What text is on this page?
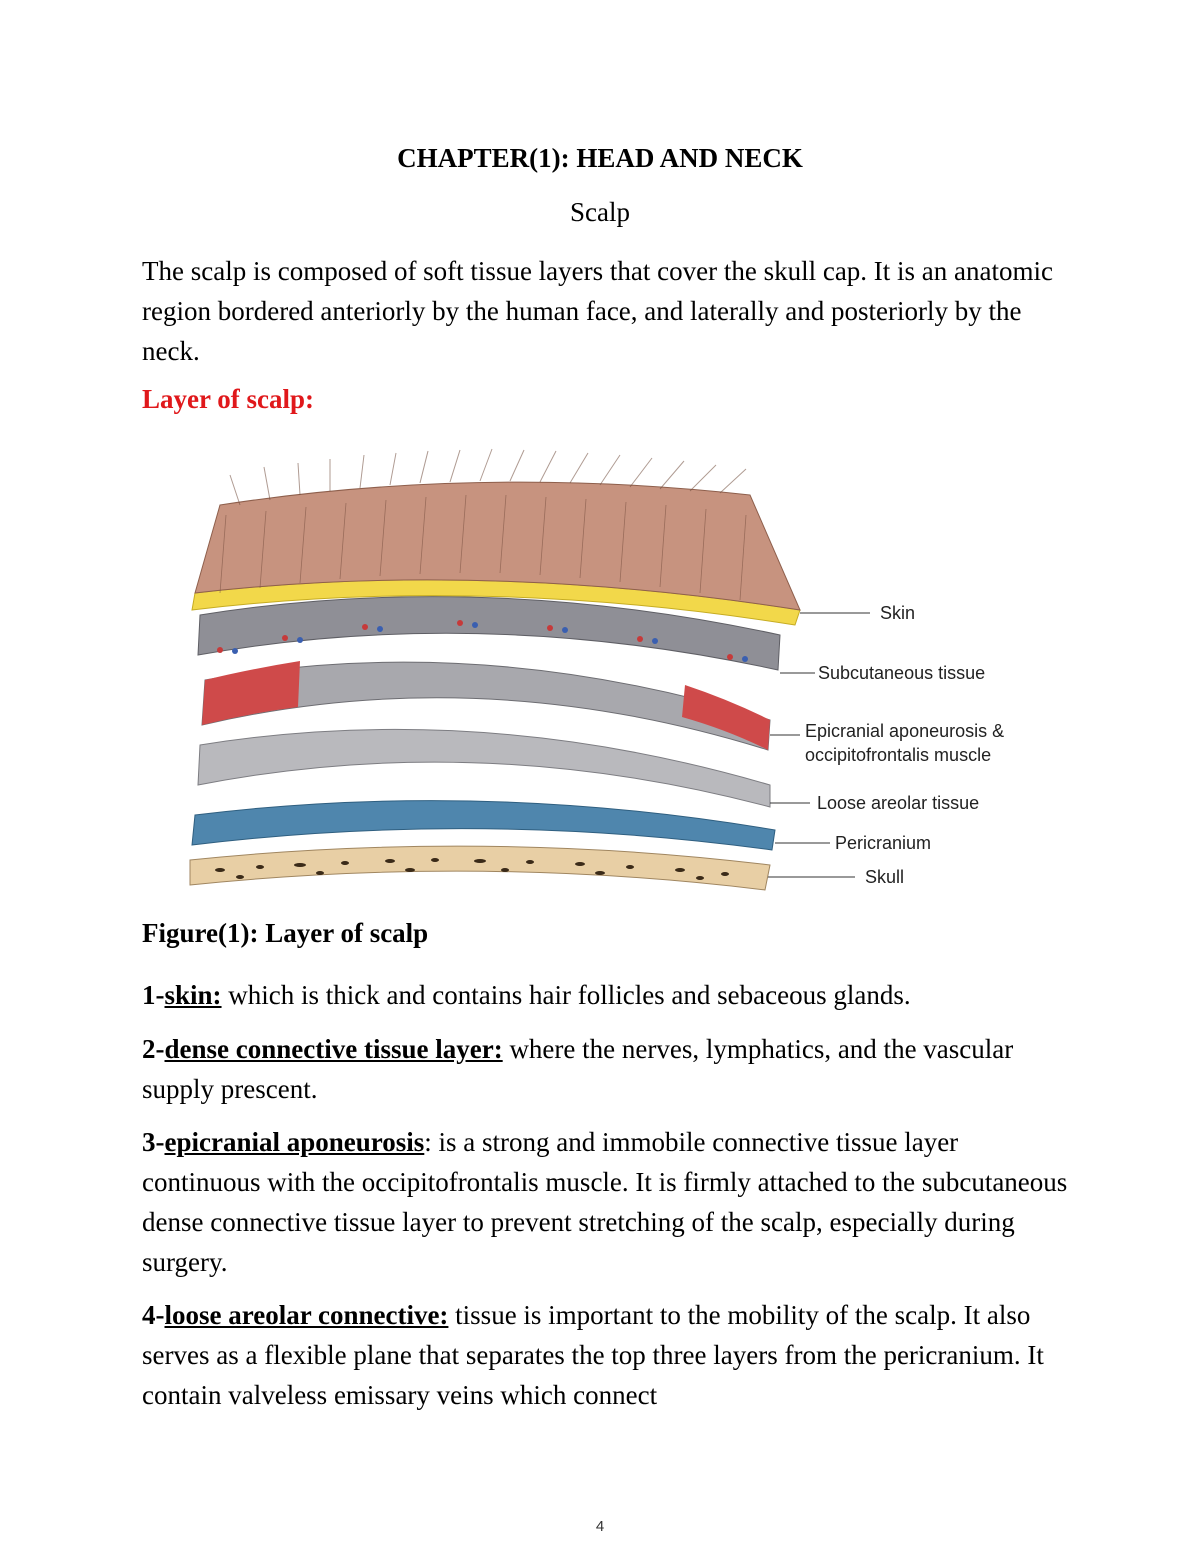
CHAPTER(1): HEAD AND NECK
Scalp
The scalp is composed of soft tissue layers that cover the skull cap. It is an anatomic region bordered anteriorly by the human face, and laterally and posteriorly by the neck.
Layer of scalp:
Skin
Subcutaneous tissue
Epicranial aponeurosis &
occipitofrontalis muscle
Loose areolar tissue
Pericranium
Skull
Figure(1): Layer of scalp
1-skin: which is thick and contains hair follicles and sebaceous glands.
2-dense connective tissue layer: where the nerves, lymphatics, and the vascular supply prescent.
3-epicranial aponeurosis: is a strong and immobile connective tissue layer continuous with the occipitofrontalis muscle. It is firmly attached to the subcutaneous dense connective tissue layer to prevent stretching of the scalp, especially during surgery.
4-loose areolar connective: tissue is important to the mobility of the scalp. It also serves as a flexible plane that separates the top three layers from the pericranium. It contain valveless emissary veins which connect
4
